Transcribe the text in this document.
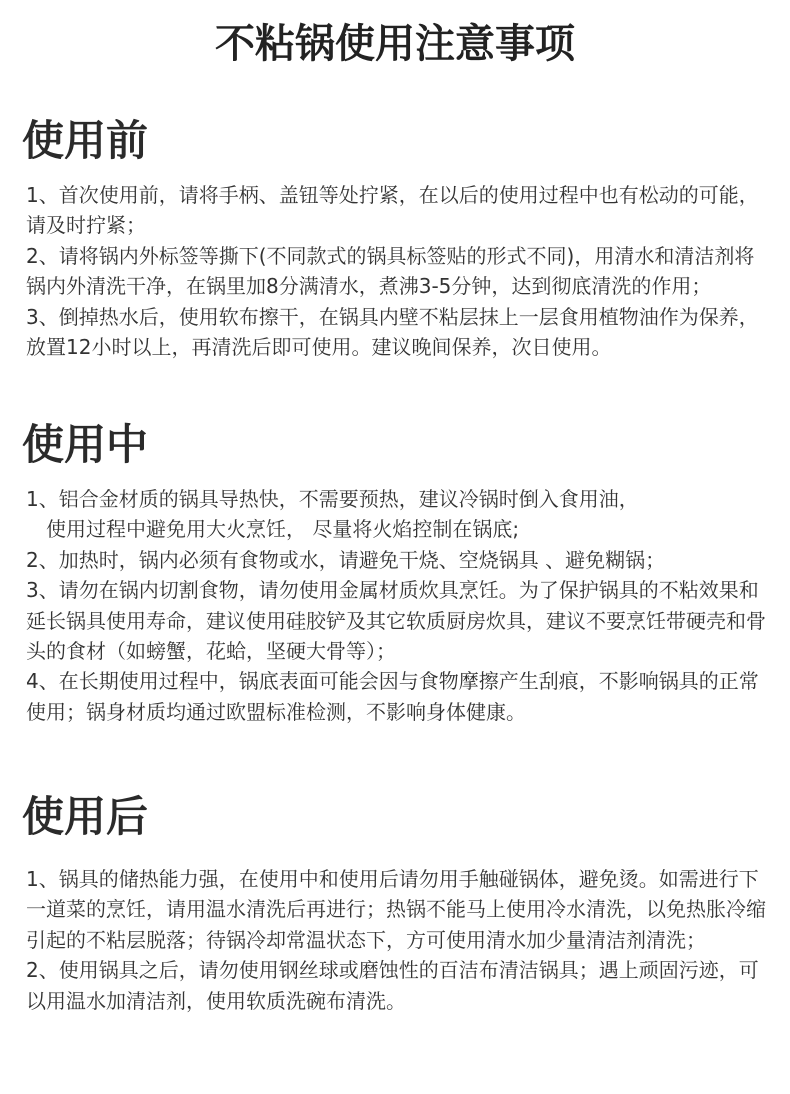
不粘锅使用注意事项
使用前

1、首次使用前，请将手柄、盖钮等处拧紧，在以后的使用过程中也有松动的可能，请及时拧紧；

2、请将锅内外标签等撕下(不同款式的锅具标签贴的形式不同)，用清水和清洁剂将锅内外清洗干净，在锅里加8分满清水，煮沸3-5分钟，达到彻底清洗的作用；

3、倒掉热水后，使用软布擦干，在锅具内壁不粘层抹上一层食用植物油作为保养，放置12小时以上，再清洗后即可使用。建议晚间保养，次日使用。

使用中

1、铝合金材质的锅具导热快，不需要预热，建议冷锅时倒入食用油，

使用过程中避免用大火烹饪， 尽量将火焰控制在锅底;

2、加热时，锅内必须有食物或水，请避免干烧、空烧锅具 、避免糊锅；

3、请勿在锅内切割食物，请勿使用金属材质炊具烹饪。为了保护锅具的不粘效果和延长锅具使用寿命，建议使用硅胶铲及其它软质厨房炊具，建议不要烹饪带硬壳和骨头的食材（如螃蟹，花蛤，坚硬大骨等）；

4、在长期使用过程中，锅底表面可能会因与食物摩擦产生刮痕，不影响锅具的正常使用；锅身材质均通过欧盟标准检测，不影响身体健康。

使用后

1、锅具的储热能力强，在使用中和使用后请勿用手触碰锅体，避免烫。如需进行下一道菜的烹饪，请用温水清洗后再进行；热锅不能马上使用冷水清洗，以免热胀冷缩引起的不粘层脱落；待锅冷却常温状态下，方可使用清水加少量清洁剂清洗；

2、使用锅具之后，请勿使用钢丝球或磨蚀性的百洁布清洁锅具；遇上顽固污迹，可以用温水加清洁剂，使用软质洗碗布清洗。
